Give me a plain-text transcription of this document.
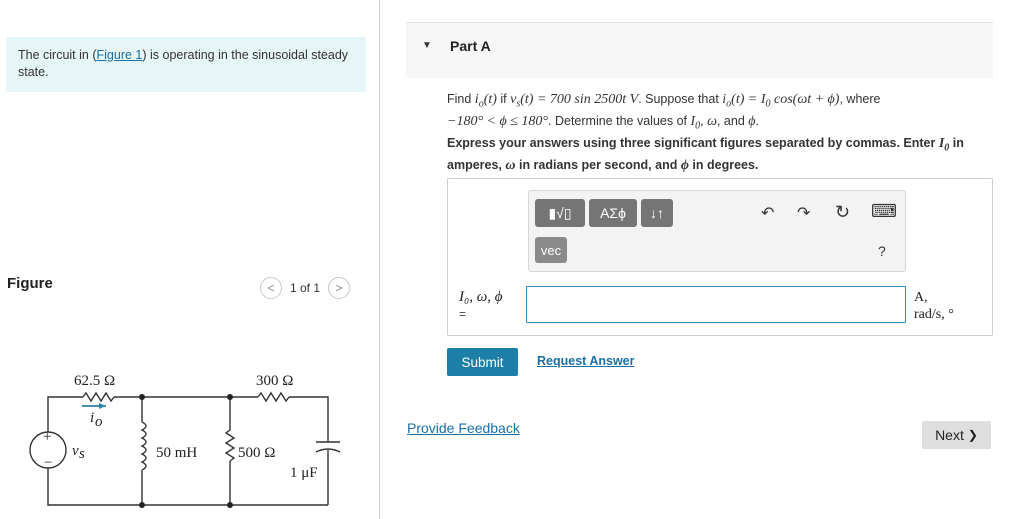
The circuit in (Figure 1) is operating in the sinusoidal steady state.
Figure	<	1 of 1	>
62.5 Ω	300 Ω
50 mH	500 Ω
1 μF
+
−
v s
i o
▼ Part A
Find $i_o(t)$ if $v_s(t) = 700$ sin 2500t V. Suppose that $i_o(t) = I_0$ cos(ωt + ϕ), where
−180° < ϕ ≤ 180°. Determine the values of $I_0$, ω, and ϕ.
Express your answers using three significant figures separated by commas. Enter $I_0$ in amperes, ω in radians per second, and ϕ in degrees.
▮√▯	ΑΣϕ	↓↑
vec
↶ ↷ ↻ ⌨
?
I₀, ω, ϕ
=
A,
rad/s, °
Submit	Request Answer
Provide Feedback	Next ❯
